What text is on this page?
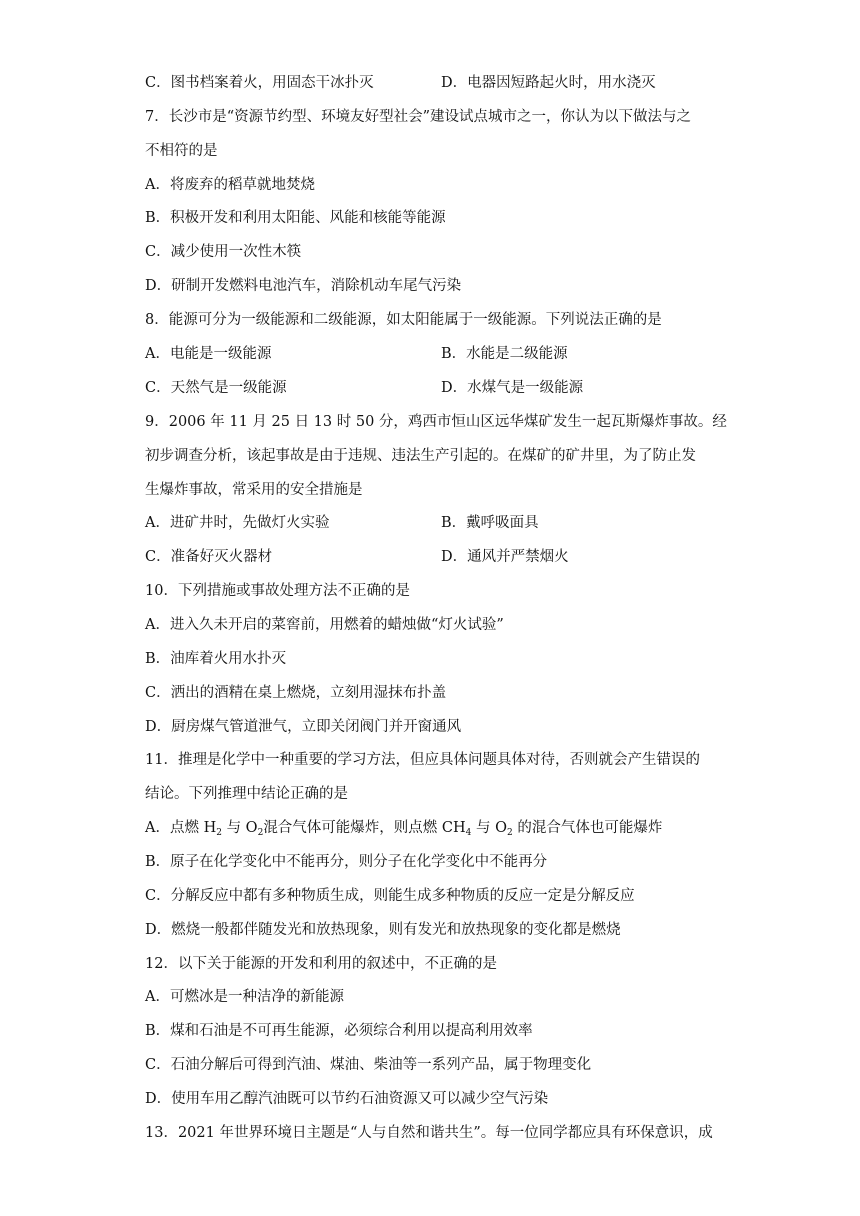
C．图书档案着火，用固态干冰扑灭	D．电器因短路起火时，用水浇灭
7．长沙市是“资源节约型、环境友好型社会”建设试点城市之一，你认为以下做法与之
不相符的是
A．将废弃的稻草就地焚烧
B．积极开发和利用太阳能、风能和核能等能源
C．减少使用一次性木筷
D．研制开发燃料电池汽车，消除机动车尾气污染
8．能源可分为一级能源和二级能源，如太阳能属于一级能源。下列说法正确的是
A．电能是一级能源	B．水能是二级能源
C．天然气是一级能源	D．水煤气是一级能源
9．2006 年 11 月 25 日 13 时 50 分，鸡西市恒山区远华煤矿发生一起瓦斯爆炸事故。经
初步调查分析，该起事故是由于违规、违法生产引起的。在煤矿的矿井里，为了防止发
生爆炸事故，常采用的安全措施是
A．进矿井时，先做灯火实验	B．戴呼吸面具
C．准备好灭火器材	D．通风并严禁烟火
10．下列措施或事故处理方法不正确的是
A．进入久未开启的菜窖前，用燃着的蜡烛做“灯火试验”
B．油库着火用水扑灭
C．洒出的酒精在桌上燃烧，立刻用湿抹布扑盖
D．厨房煤气管道泄气，立即关闭阀门并开窗通风
11．推理是化学中一种重要的学习方法，但应具体问题具体对待，否则就会产生错误的
结论。下列推理中结论正确的是
A．点燃 $H_2$ 与 $O_2$混合气体可能爆炸，则点燃 $CH_4$ 与 $O_2$ 的混合气体也可能爆炸
B．原子在化学变化中不能再分，则分子在化学变化中不能再分
C．分解反应中都有多种物质生成，则能生成多种物质的反应一定是分解反应
D．燃烧一般都伴随发光和放热现象，则有发光和放热现象的变化都是燃烧
12．以下关于能源的开发和利用的叙述中，不正确的是
A．可燃冰是一种洁净的新能源
B．煤和石油是不可再生能源，必须综合利用以提高利用效率
C．石油分解后可得到汽油、煤油、柴油等一系列产品，属于物理变化
D．使用车用乙醇汽油既可以节约石油资源又可以减少空气污染
13．2021 年世界环境日主题是“人与自然和谐共生”。每一位同学都应具有环保意识，成
